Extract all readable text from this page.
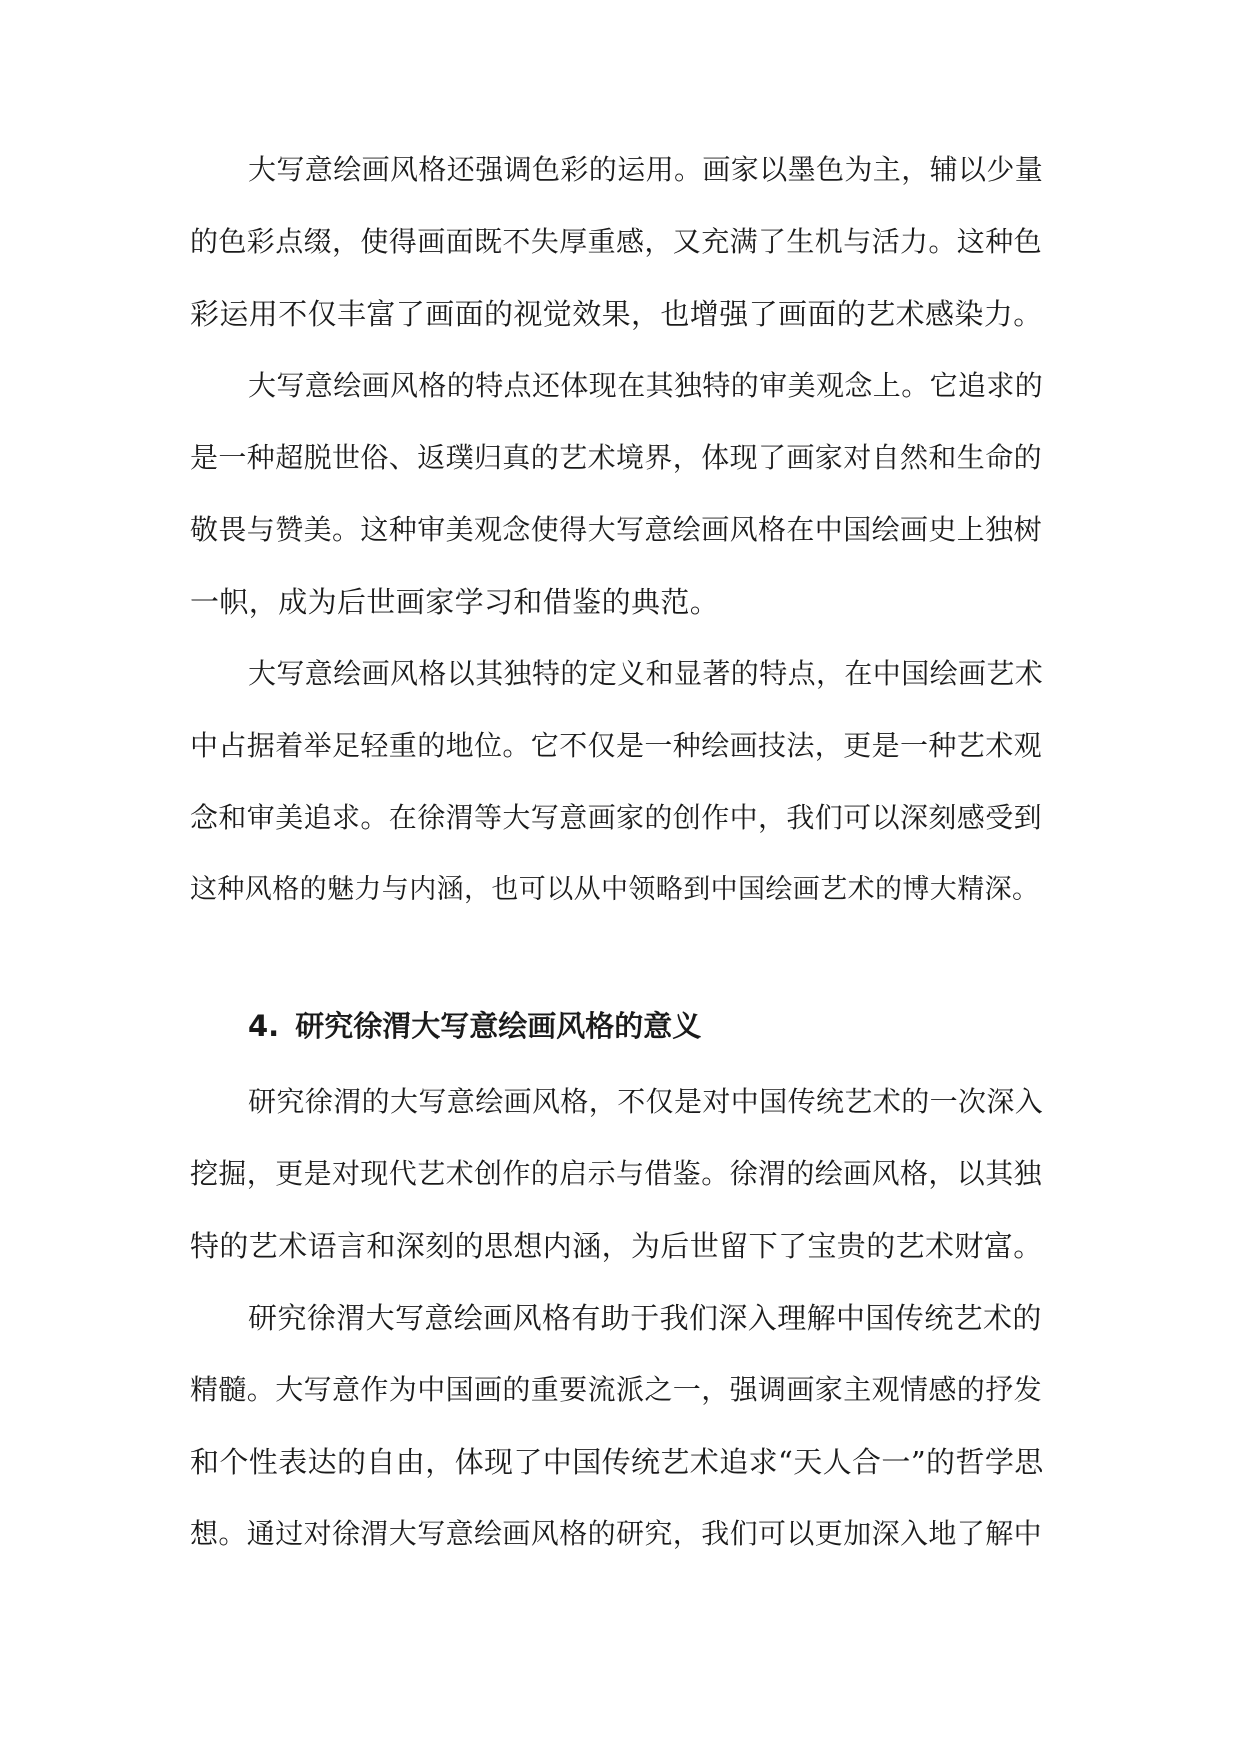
大写意绘画风格还强调色彩的运用。画家以墨色为主，辅以少量
的色彩点缀，使得画面既不失厚重感，又充满了生机与活力。这种色
彩运用不仅丰富了画面的视觉效果，也增强了画面的艺术感染力。
大写意绘画风格的特点还体现在其独特的审美观念上。它追求的
是一种超脱世俗、返璞归真的艺术境界，体现了画家对自然和生命的
敬畏与赞美。这种审美观念使得大写意绘画风格在中国绘画史上独树
一帜，成为后世画家学习和借鉴的典范。
大写意绘画风格以其独特的定义和显著的特点，在中国绘画艺术
中占据着举足轻重的地位。它不仅是一种绘画技法，更是一种艺术观
念和审美追求。在徐渭等大写意画家的创作中，我们可以深刻感受到
这种风格的魅力与内涵，也可以从中领略到中国绘画艺术的博大精深。
4. 研究徐渭大写意绘画风格的意义
研究徐渭的大写意绘画风格，不仅是对中国传统艺术的一次深入
挖掘，更是对现代艺术创作的启示与借鉴。徐渭的绘画风格，以其独
特的艺术语言和深刻的思想内涵，为后世留下了宝贵的艺术财富。
研究徐渭大写意绘画风格有助于我们深入理解中国传统艺术的
精髓。大写意作为中国画的重要流派之一，强调画家主观情感的抒发
和个性表达的自由，体现了中国传统艺术追求“天人合一”的哲学思
想。通过对徐渭大写意绘画风格的研究，我们可以更加深入地了解中
